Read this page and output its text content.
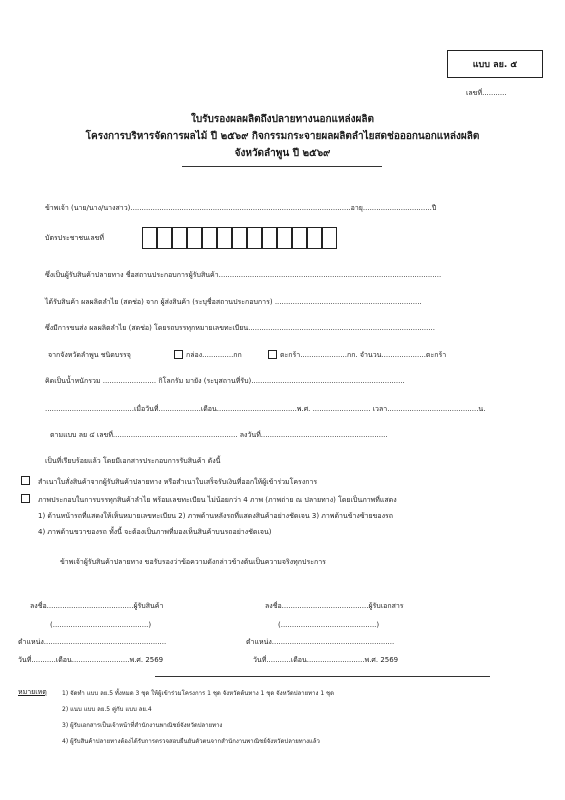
แบบ ลย. ๕
เลขที่...........
ใบรับรองผลผลิตถึงปลายทางนอกแหล่งผลิต
โครงการบริหารจัดการผลไม้ ปี ๒๕๖๙ กิจกรรมกระจายผลผลิตลำไยสดช่อออกนอกแหล่งผลิต
จังหวัดลำพูน ปี ๒๕๖๙
ข้าพเจ้า (นาย/นาง/นางสาว)...................................................................................................อายุ...............................ปี
บัตรประชาชนเลขที่
ซึ่งเป็นผู้รับสินค้าปลายทาง ชื่อสถานประกอบการผู้รับสินค้า....................................................................................................
ได้รับสินค้า ผลผลิตลำไย (สดช่อ) จาก ผู้ส่งสินค้า (ระบุชื่อสถานประกอบการ) ..................................................................
ซึ่งมีการขนส่ง ผลผลิตลำไย (สดช่อ) โดยรถบรรทุกหมายเลขทะเบียน....................................................................................
จากจังหวัดลำพูน ชนิดบรรจุ	กล่อง..............กก	ตะกร้า.....................กก. จำนวน....................ตะกร้า
คิดเป็นน้ำหนักรวม ........................ กิโลกรัม มายัง (ระบุสถานที่รับ).....................................................................
........................................เมื่อวันที่...................เดือน....................................พ.ศ. .......................... เวลา.........................................น.
ตามแบบ ลย ๔ เลขที่........................................................ ลงวันที่.........................................................
เป็นที่เรียบร้อยแล้ว โดยมีเอกสารประกอบการรับสินค้า ดังนี้
สำเนาใบสั่งสินค้าจากผู้รับสินค้าปลายทาง หรือสำเนาใบเสร็จรับเงินที่ออกให้ผู้เข้าร่วมโครงการ
ภาพประกอบในการบรรทุกสินค้าลำไย พร้อมเลขทะเบียน ไม่น้อยกว่า 4 ภาพ (ภาพถ่าย ณ ปลายทาง) โดยเป็นภาพที่แสดง
1) ด้านหน้ารถที่แสดงให้เห็นหมายเลขทะเบียน 2) ภาพด้านหลังรถที่แสดงสินค้าอย่างชัดเจน 3) ภาพด้านข้างซ้ายของรถ
4) ภาพด้านขวาของรถ ทั้งนี้ จะต้องเป็นภาพที่มองเห็นสินค้าบนรถอย่างชัดเจน)
ข้าพเจ้าผู้รับสินค้าปลายทาง ขอรับรองว่าข้อความดังกล่าวข้างต้นเป็นความจริงทุกประการ
ลงชื่อ.......................................ผู้รับสินค้า
(...........................................)
ตำแหน่ง.......................................................
วันที่...........เดือน..........................พ.ศ. 2569
ลงชื่อ.......................................ผู้รับเอกสาร
(...........................................)
ตำแหน่ง.......................................................
วันที่...........เดือน..........................พ.ศ. 2569
หมายเหตุ	1) จัดทำ แบบ ลย.5 ทั้งหมด 3 ชุด ให้ผู้เข้าร่วมโครงการ 1 ชุด จังหวัดต้นทาง 1 ชุด จังหวัดปลายทาง 1 ชุด
2) แนบ แบบ ลย.5 คู่กับ แบบ ลย.4
3) ผู้รับเอกสารเป็นเจ้าหน้าที่สำนักงานพาณิชย์จังหวัดปลายทาง
4) ผู้รับสินค้าปลายทางต้องได้รับการตรวจสอบยืนยันตัวตนจากสำนักงานพาณิชย์จังหวัดปลายทางแล้ว
